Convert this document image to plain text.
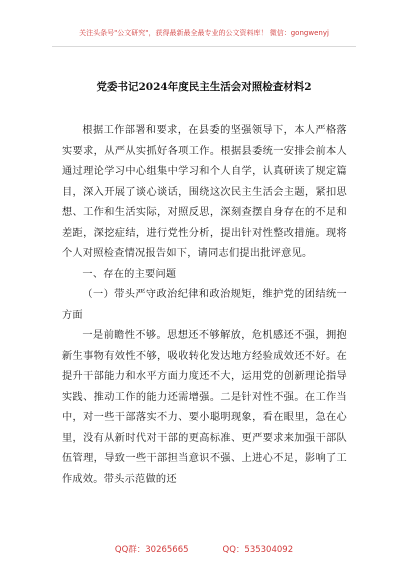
关注头条号"公文研究"，获得最新最全最专业的公文资料库！ 微信：gongwenyj
党委书记2024年度民主生活会对照检查材料2

根据工作部署和要求，在县委的坚强领导下，本人严格落实要求，从严从实抓好各项工作。根据县委统一安排会前本人通过理论学习中心组集中学习和个人自学，认真研读了规定篇目，深入开展了谈心谈话，围绕这次民主生活会主题，紧扣思想、工作和生活实际，对照反思，深刻查摆自身存在的不足和差距，深挖症结，进行党性分析，提出针对性整改措施。现将个人对照检查情况报告如下，请同志们提出批评意见。

一、存在的主要问题

（一）带头严守政治纪律和政治规矩，维护党的团结统一方面

一是前瞻性不够。思想还不够解放，危机感还不强，拥抱新生事物有效性不够，吸收转化发达地方经验成效还不好。在提升干部能力和水平方面力度还不大，运用党的创新理论指导实践、推动工作的能力还需增强。二是针对性不强。在工作当中，对一些干部落实不力、要小聪明现象，看在眼里，急在心里，没有从新时代对干部的更高标准、更严要求来加强干部队伍管理，导致一些干部担当意识不强、上进心不足，影响了工作成效。带头示范做的还

QQ群：30265665	QQ：535304092
